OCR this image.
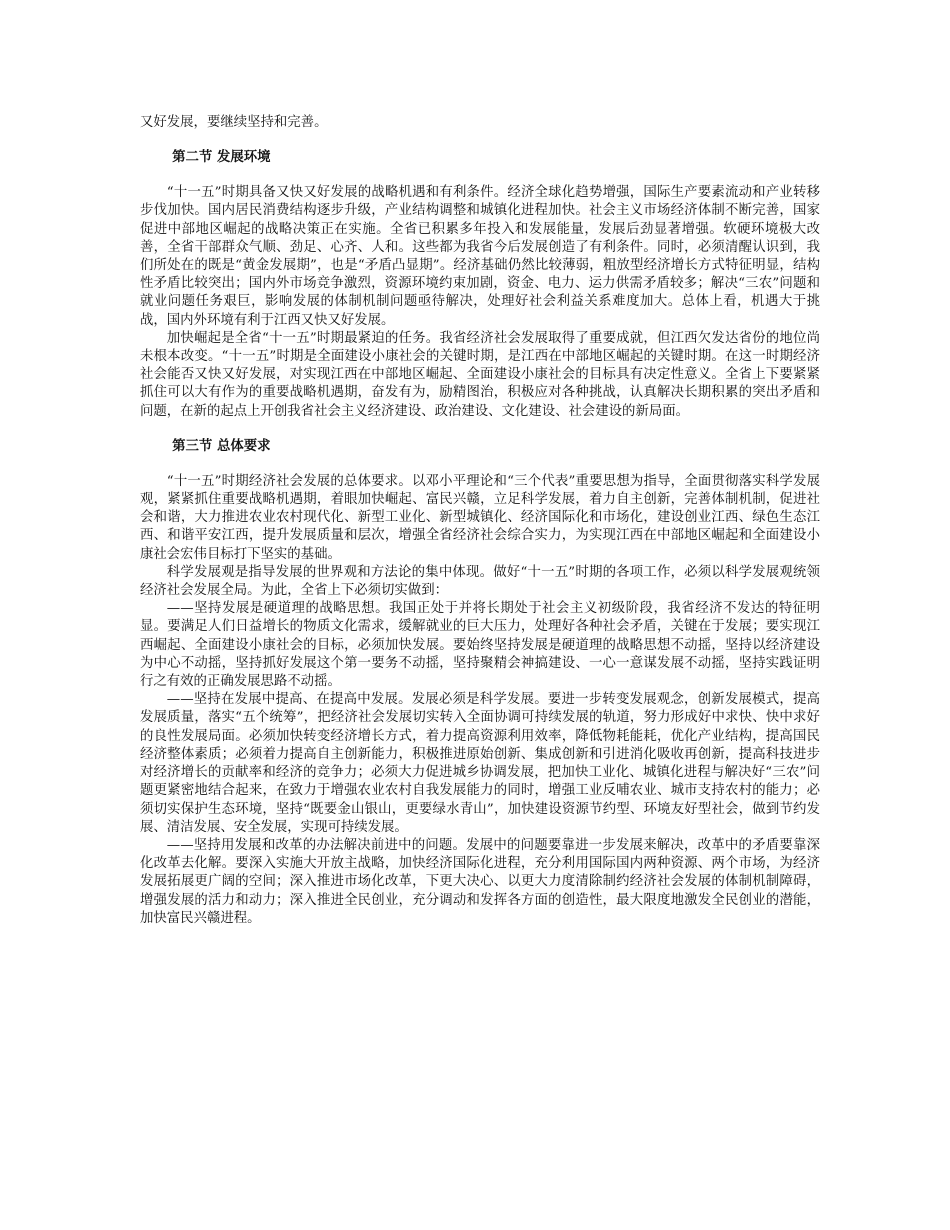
又好发展，要继续坚持和完善。

第二节 发展环境

“十一五”时期具备又快又好发展的战略机遇和有利条件。经济全球化趋势增强，国际生产要素流动和产业转移步伐加快。国内居民消费结构逐步升级，产业结构调整和城镇化进程加快。社会主义市场经济体制不断完善，国家促进中部地区崛起的战略决策正在实施。全省已积累多年投入和发展能量，发展后劲显著增强。软硬环境极大改善，全省干部群众气顺、劲足、心齐、人和。这些都为我省今后发展创造了有利条件。同时，必须清醒认识到，我们所处在的既是“黄金发展期”，也是“矛盾凸显期”。经济基础仍然比较薄弱，粗放型经济增长方式特征明显，结构性矛盾比较突出；国内外市场竞争激烈，资源环境约束加剧，资金、电力、运力供需矛盾较多；解决“三农”问题和就业问题任务艰巨，影响发展的体制机制问题亟待解决，处理好社会利益关系难度加大。总体上看，机遇大于挑战，国内外环境有利于江西又快又好发展。

加快崛起是全省“十一五”时期最紧迫的任务。我省经济社会发展取得了重要成就，但江西欠发达省份的地位尚未根本改变。“十一五”时期是全面建设小康社会的关键时期，是江西在中部地区崛起的关键时期。在这一时期经济社会能否又快又好发展，对实现江西在中部地区崛起、全面建设小康社会的目标具有决定性意义。全省上下要紧紧抓住可以大有作为的重要战略机遇期，奋发有为，励精图治，积极应对各种挑战，认真解决长期积累的突出矛盾和问题，在新的起点上开创我省社会主义经济建设、政治建设、文化建设、社会建设的新局面。

第三节 总体要求

“十一五”时期经济社会发展的总体要求。以邓小平理论和“三个代表”重要思想为指导，全面贯彻落实科学发展观，紧紧抓住重要战略机遇期，着眼加快崛起、富民兴赣，立足科学发展，着力自主创新，完善体制机制，促进社会和谐，大力推进农业农村现代化、新型工业化、新型城镇化、经济国际化和市场化，建设创业江西、绿色生态江西、和谐平安江西，提升发展质量和层次，增强全省经济社会综合实力，为实现江西在中部地区崛起和全面建设小康社会宏伟目标打下坚实的基础。

科学发展观是指导发展的世界观和方法论的集中体现。做好“十一五”时期的各项工作，必须以科学发展观统领经济社会发展全局。为此，全省上下必须切实做到：

——坚持发展是硬道理的战略思想。我国正处于并将长期处于社会主义初级阶段，我省经济不发达的特征明显。要满足人们日益增长的物质文化需求，缓解就业的巨大压力，处理好各种社会矛盾，关键在于发展；要实现江西崛起、全面建设小康社会的目标，必须加快发展。要始终坚持发展是硬道理的战略思想不动摇，坚持以经济建设为中心不动摇，坚持抓好发展这个第一要务不动摇，坚持聚精会神搞建设、一心一意谋发展不动摇，坚持实践证明行之有效的正确发展思路不动摇。

——坚持在发展中提高、在提高中发展。发展必须是科学发展。要进一步转变发展观念，创新发展模式，提高发展质量，落实“五个统筹”，把经济社会发展切实转入全面协调可持续发展的轨道，努力形成好中求快、快中求好的良性发展局面。必须加快转变经济增长方式，着力提高资源利用效率，降低物耗能耗，优化产业结构，提高国民经济整体素质；必须着力提高自主创新能力，积极推进原始创新、集成创新和引进消化吸收再创新，提高科技进步对经济增长的贡献率和经济的竞争力；必须大力促进城乡协调发展，把加快工业化、城镇化进程与解决好“三农”问题更紧密地结合起来，在致力于增强农业农村自我发展能力的同时，增强工业反哺农业、城市支持农村的能力；必须切实保护生态环境，坚持“既要金山银山，更要绿水青山”，加快建设资源节约型、环境友好型社会，做到节约发展、清洁发展、安全发展，实现可持续发展。

——坚持用发展和改革的办法解决前进中的问题。发展中的问题要靠进一步发展来解决，改革中的矛盾要靠深化改革去化解。要深入实施大开放主战略，加快经济国际化进程，充分利用国际国内两种资源、两个市场，为经济发展拓展更广阔的空间；深入推进市场化改革，下更大决心、以更大力度清除制约经济社会发展的体制机制障碍，增强发展的活力和动力；深入推进全民创业，充分调动和发挥各方面的创造性，最大限度地激发全民创业的潜能，加快富民兴赣进程。
